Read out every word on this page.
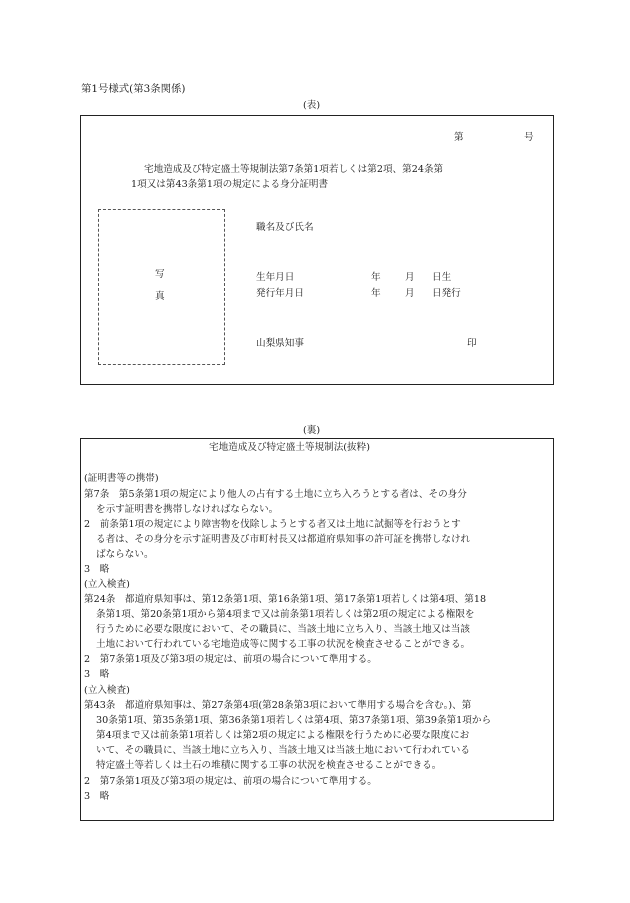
第1号様式(第3条関係)
(表)
第	号
宅地造成及び特定盛土等規制法第7条第1項若しくは第2項、第24条第
1項又は第43条第1項の規定による身分証明書
写
真
職名及び氏名
生年月日	年	月 日生
発行年月日	年	月 日発行
山梨県知事	印
(裏)
宅地造成及び特定盛土等規制法(抜粋)
(証明書等の携帯)
第7条　第5条第1項の規定により他人の占有する土地に立ち入ろうとする者は、その身分
を示す証明書を携帯しなければならない。
2　前条第1項の規定により障害物を伐除しようとする者又は土地に試掘等を行おうとす
る者は、その身分を示す証明書及び市町村長又は都道府県知事の許可証を携帯しなけれ
ばならない。
3　略
(立入検査)
第24条　都道府県知事は、第12条第1項、第16条第1項、第17条第1項若しくは第4項、第18
条第1項、第20条第1項から第4項まで又は前条第1項若しくは第2項の規定による権限を
行うために必要な限度において、その職員に、当該土地に立ち入り、当該土地又は当該
土地において行われている宅地造成等に関する工事の状況を検査させることができる。
2　第7条第1項及び第3項の規定は、前項の場合について準用する。
3　略
(立入検査)
第43条　都道府県知事は、第27条第4項(第28条第3項において準用する場合を含む。)、第
30条第1項、第35条第1項、第36条第1項若しくは第4項、第37条第1項、第39条第1項から
第4項まで又は前条第1項若しくは第2項の規定による権限を行うために必要な限度にお
いて、その職員に、当該土地に立ち入り、当該土地又は当該土地において行われている
特定盛土等若しくは土石の堆積に関する工事の状況を検査させることができる。
2　第7条第1項及び第3項の規定は、前項の場合について準用する。
3　略
